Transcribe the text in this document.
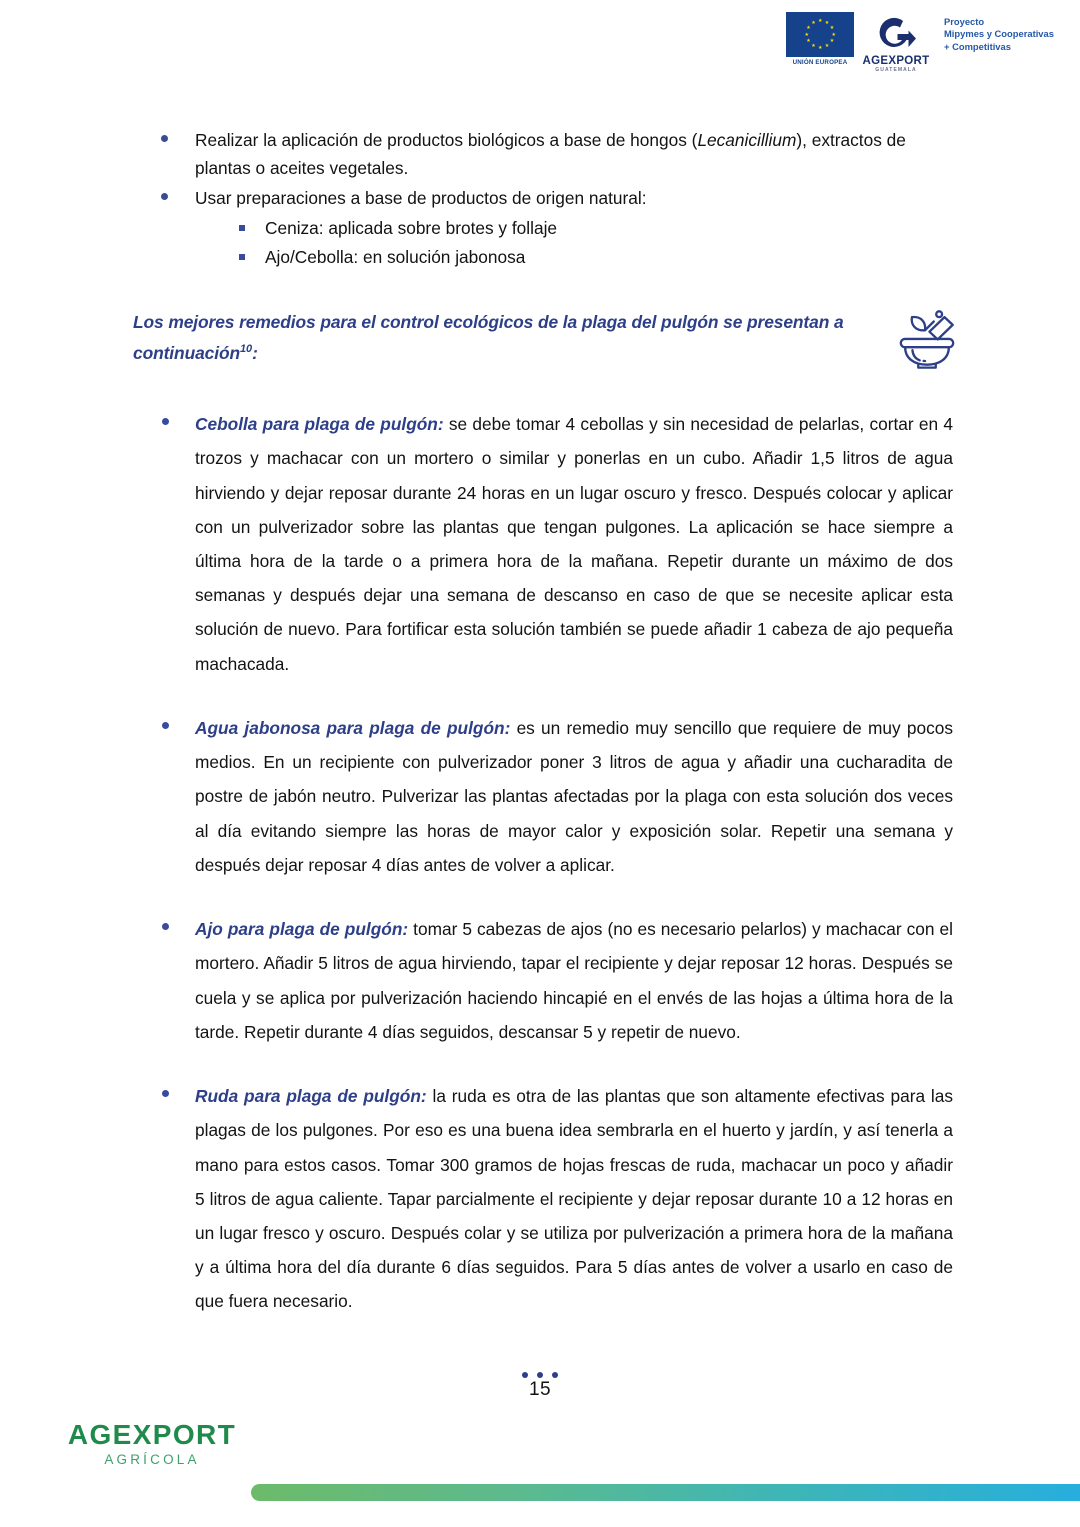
★ ★
★
★
★
★
★
★
★
★
★
★
UNIÓN EUROPEA AGEXPORT
GUATEMALA
Proyecto
Mipymes y Cooperativas
+ Competitivas
Realizar la aplicación de productos biológicos a base de hongos (Lecanicillium), extractos de plantas o aceites vegetales.
Usar preparaciones a base de productos de origen natural:
Ceniza: aplicada sobre brotes y follaje
Ajo/Cebolla: en solución jabonosa
Los mejores remedios para el control ecológicos de la plaga del pulgón se presentan a continuación$^{10}$:
Cebolla para plaga de pulgón: se debe tomar 4 cebollas y sin necesidad de pelarlas, cortar en 4 trozos y machacar con un mortero o similar y ponerlas en un cubo. Añadir 1,5 litros de agua hirviendo y dejar reposar durante 24 horas en un lugar oscuro y fresco. Después colocar y aplicar con un pulverizador sobre las plantas que tengan pulgones. La aplicación se hace siempre a última hora de la tarde o a primera hora de la mañana. Repetir durante un máximo de dos semanas y después dejar una semana de descanso en caso de que se necesite aplicar esta solución de nuevo. Para fortificar esta solución también se puede añadir 1 cabeza de ajo pequeña machacada.
Agua jabonosa para plaga de pulgón: es un remedio muy sencillo que requiere de muy pocos medios. En un recipiente con pulverizador poner 3 litros de agua y añadir una cucharadita de postre de jabón neutro. Pulverizar las plantas afectadas por la plaga con esta solución dos veces al día evitando siempre las horas de mayor calor y exposición solar. Repetir una semana y después dejar reposar 4 días antes de volver a aplicar.
Ajo para plaga de pulgón: tomar 5 cabezas de ajos (no es necesario pelarlos) y machacar con el mortero. Añadir 5 litros de agua hirviendo, tapar el recipiente y dejar reposar 12 horas. Después se cuela y se aplica por pulverización haciendo hincapié en el envés de las hojas a última hora de la tarde. Repetir durante 4 días seguidos, descansar 5 y repetir de nuevo.
Ruda para plaga de pulgón: la ruda es otra de las plantas que son altamente efectivas para las plagas de los pulgones. Por eso es una buena idea sembrarla en el huerto y jardín, y así tenerla a mano para estos casos. Tomar 300 gramos de hojas frescas de ruda, machacar un poco y añadir 5 litros de agua caliente. Tapar parcialmente el recipiente y dejar reposar durante 10 a 12 horas en un lugar fresco y oscuro. Después colar y se utiliza por pulverización a primera hora de la mañana y a última hora del día durante 6 días seguidos. Para 5 días antes de volver a usarlo en caso de que fuera necesario.
15
AGEXPORT
AGRÍCOLA
